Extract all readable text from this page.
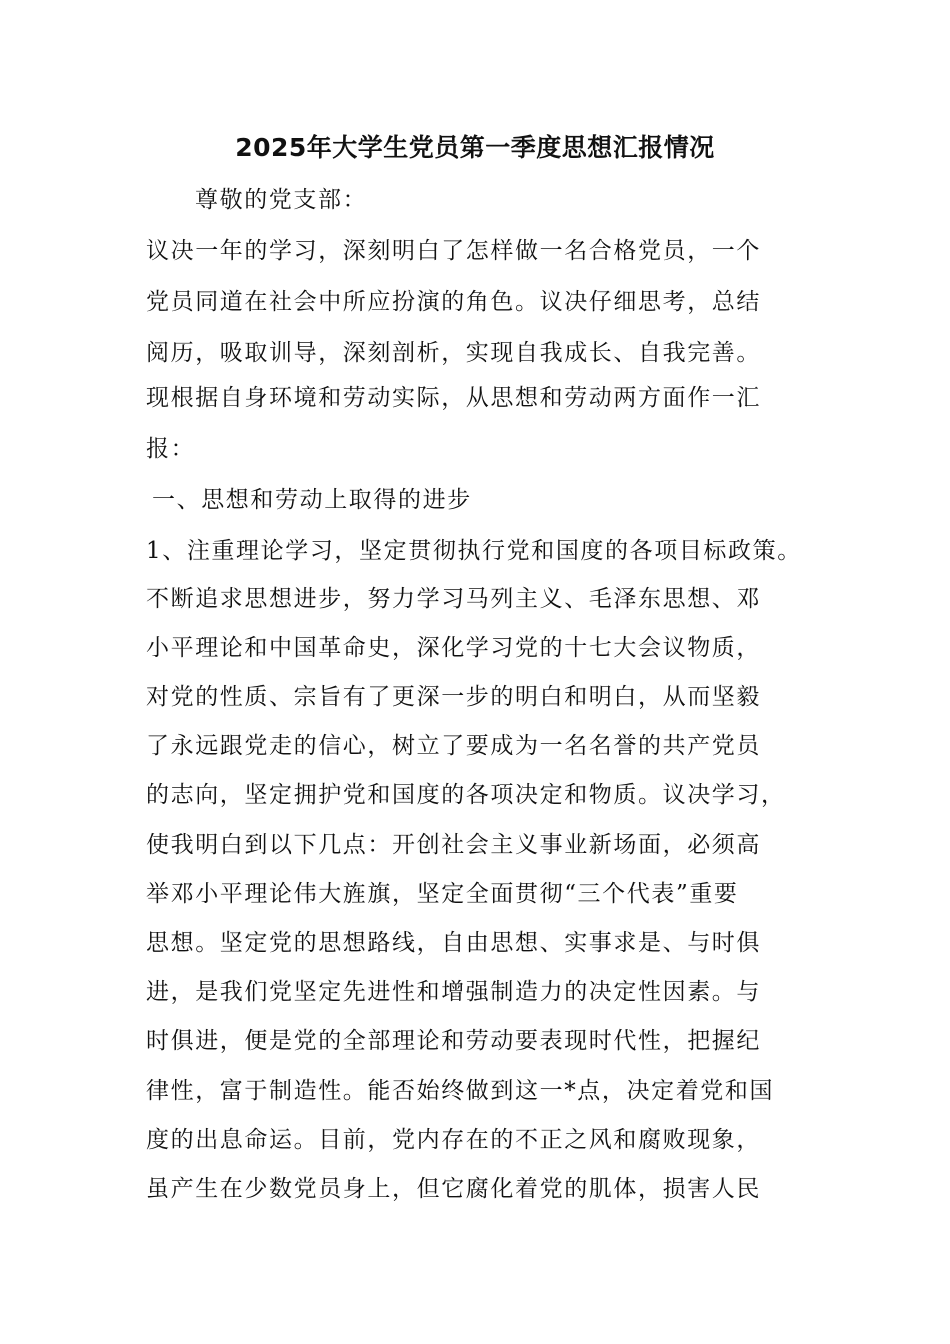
2025年大学生党员第一季度思想汇报情况
尊敬的党支部：
议决一年的学习，深刻明白了怎样做一名合格党员，一个
党员同道在社会中所应扮演的角色。议决仔细思考，总结
阅历，吸取训导，深刻剖析，实现自我成长、自我完善。
现根据自身环境和劳动实际，从思想和劳动两方面作一汇
报：
一、思想和劳动上取得的进步
1、注重理论学习，坚定贯彻执行党和国度的各项目标政策。
不断追求思想进步，努力学习马列主义、毛泽东思想、邓
小平理论和中国革命史，深化学习党的十七大会议物质，
对党的性质、宗旨有了更深一步的明白和明白，从而坚毅
了永远跟党走的信心，树立了要成为一名名誉的共产党员
的志向，坚定拥护党和国度的各项决定和物质。议决学习，
使我明白到以下几点：开创社会主义事业新场面，必须高
举邓小平理论伟大旌旗，坚定全面贯彻“三个代表”重要
思想。坚定党的思想路线，自由思想、实事求是、与时俱
进，是我们党坚定先进性和增强制造力的决定性因素。与
时俱进，便是党的全部理论和劳动要表现时代性，把握纪
律性，富于制造性。能否始终做到这一*点，决定着党和国
度的出息命运。目前，党内存在的不正之风和腐败现象，
虽产生在少数党员身上，但它腐化着党的肌体，损害人民
